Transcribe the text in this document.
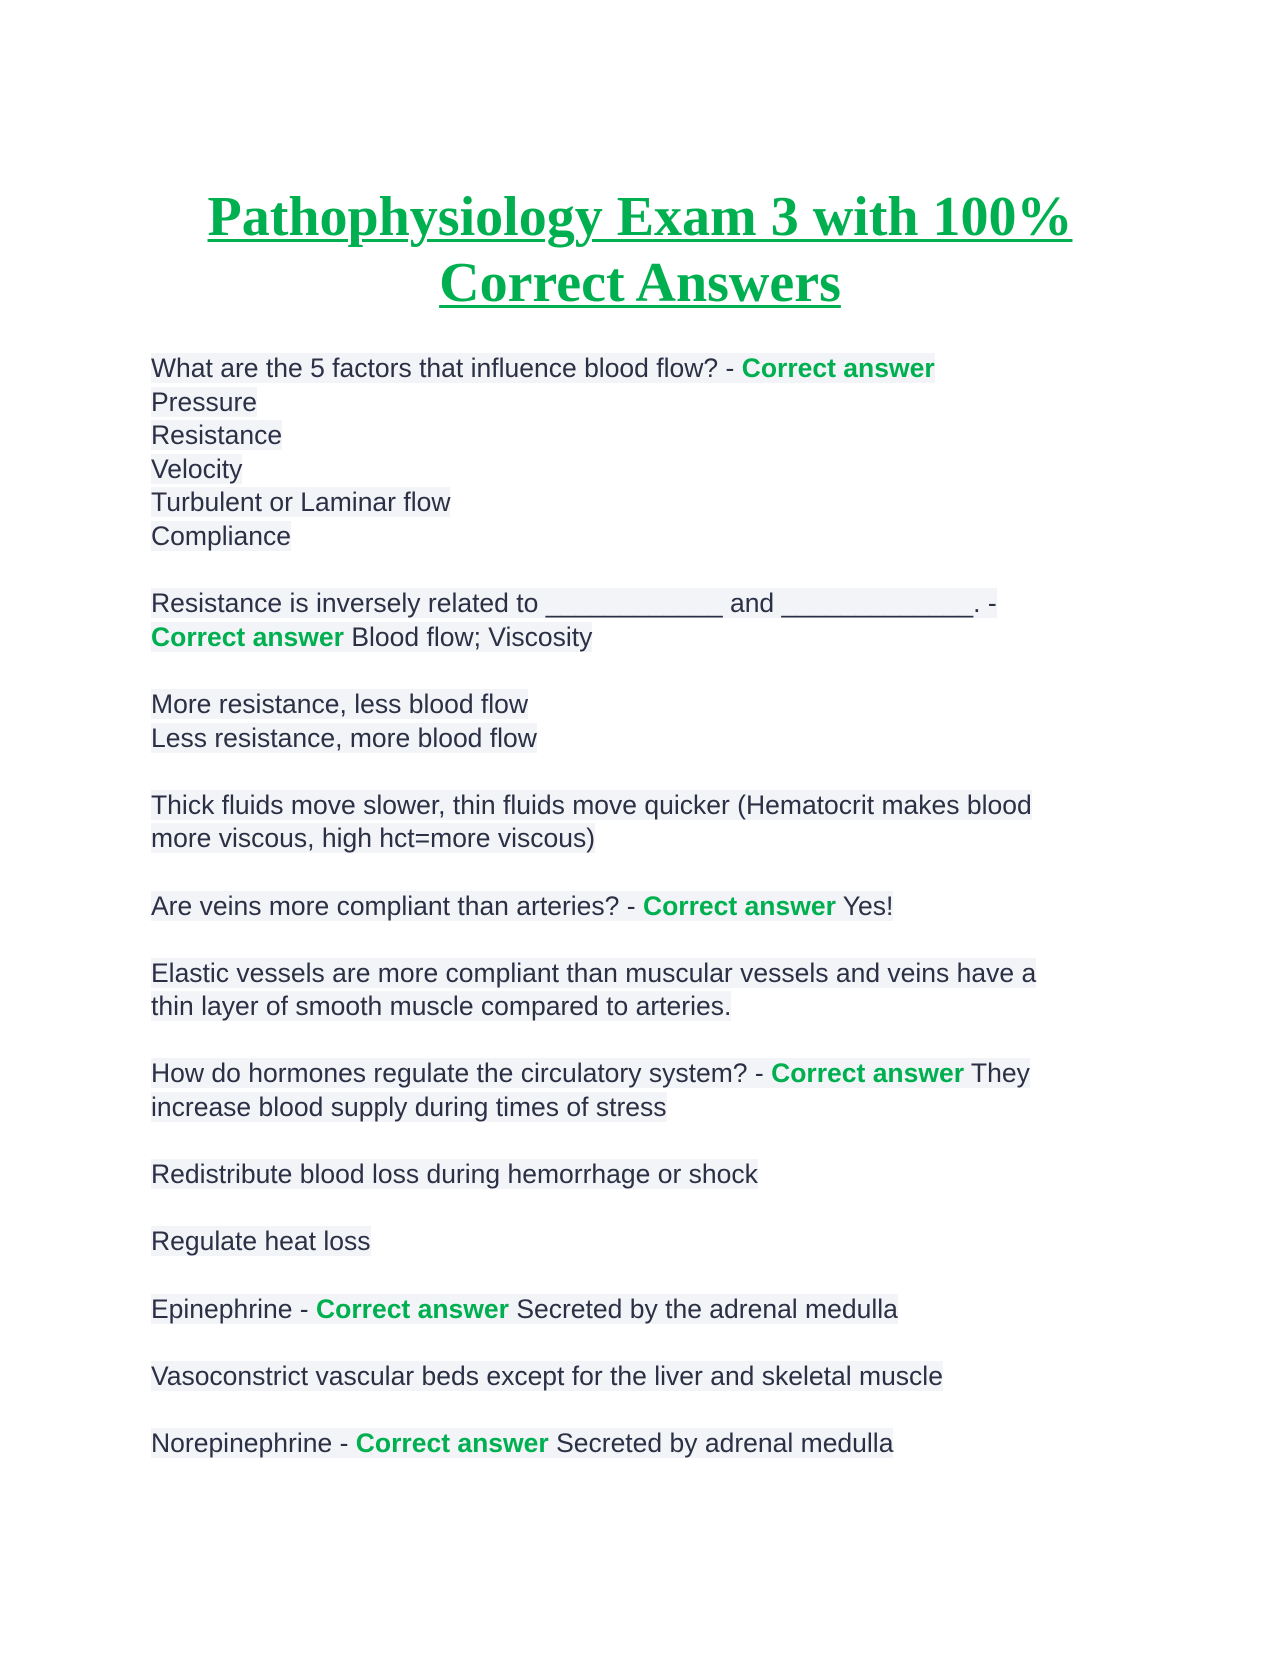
Pathophysiology Exam 3 with 100%
Correct Answers
What are the 5 factors that influence blood flow? - Correct answer
Pressure
Resistance
Velocity
Turbulent or Laminar flow
Compliance
Resistance is inversely related to ____________ and _____________. -
Correct answer Blood flow; Viscosity
More resistance, less blood flow
Less resistance, more blood flow
Thick fluids move slower, thin fluids move quicker (Hematocrit makes blood
more viscous, high hct=more viscous)
Are veins more compliant than arteries? - Correct answer Yes!
Elastic vessels are more compliant than muscular vessels and veins have a
thin layer of smooth muscle compared to arteries.
How do hormones regulate the circulatory system? - Correct answer They
increase blood supply during times of stress
Redistribute blood loss during hemorrhage or shock
Regulate heat loss
Epinephrine - Correct answer Secreted by the adrenal medulla
Vasoconstrict vascular beds except for the liver and skeletal muscle
Norepinephrine - Correct answer Secreted by adrenal medulla
